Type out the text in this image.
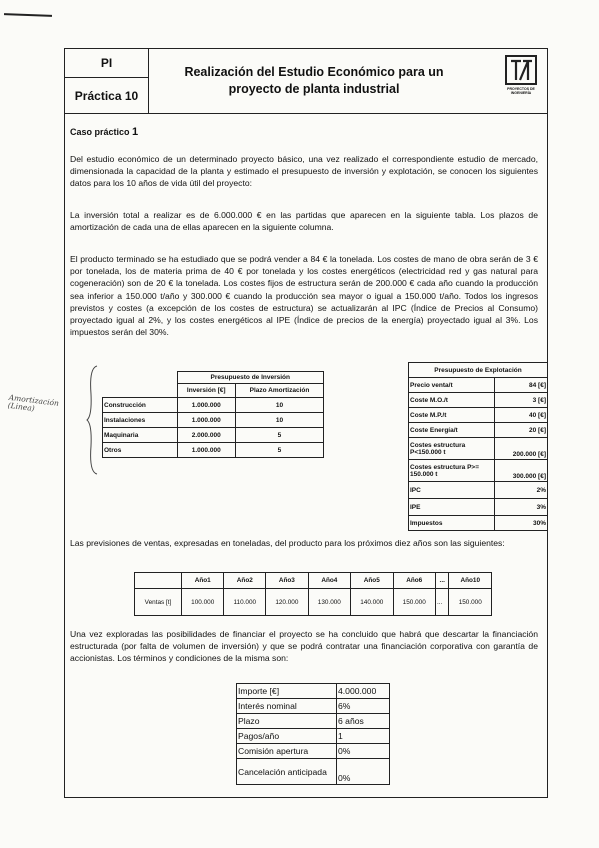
PI
Práctica 10
Realización del Estudio Económico para un proyecto de planta industrial	PROYECTOS DE INGENIERÍA
Caso práctico 1
Del estudio económico de un determinado proyecto básico, una vez realizado el correspondiente estudio de mercado, dimensionada la capacidad de la planta y estimado el presupuesto de inversión y explotación, se conocen los siguientes datos para los 10 años de vida útil del proyecto:
La inversión total a realizar es de 6.000.000 € en las partidas que aparecen en la siguiente tabla. Los plazos de amortización de cada una de ellas aparecen en la siguiente columna.
El producto terminado se ha estudiado que se podrá vender a 84 € la tonelada. Los costes de mano de obra serán de 3 € por tonelada, los de materia prima de 40 € por tonelada y los costes energéticos (electricidad red y gas natural para cogeneración) son de 20 € la tonelada. Los costes fijos de estructura serán de 200.000 € cada año cuando la producción sea inferior a 150.000 t/año y 300.000 € cuando la producción sea mayor o igual a 150.000 t/año. Todos los ingresos previstos y costes (a excepción de los costes de estructura) se actualizarán al IPC (Índice de Precios al Consumo) proyectado igual al 2%, y los costes energéticos al IPE (Índice de precios de la energía) proyectado igual al 3%. Los impuestos serán del 30%.
Amortización (Linea)
	Presupuesto de Inversión	
	Inversión [€]	Plazo Amortización
Construcción	1.000.000	10
Instalaciones	1.000.000	10
Maquinaria	2.000.000	5
Otros	1.000.000	5
Presupuesto de Explotación	
Precio venta/t	84 [€]
Coste M.O./t	3 [€]
Coste M.P./t	40 [€]
Coste Energía/t	20 [€]
Costes estructura P<150.000 t	200.000 [€]
Costes estructura P>= 150.000 t	300.000 [€]
IPC	2%
IPE	3%
Impuestos	30%
Las previsiones de ventas, expresadas en toneladas, del producto para los próximos diez años son las siguientes:
	Año1	Año2	Año3	Año4	Año5	Año6	...	Año10
Ventas [t]	100.000	110.000	120.000	130.000	140.000	150.000	...	150.000
Una vez exploradas las posibilidades de financiar el proyecto se ha concluido que habrá que descartar la financiación estructurada (por falta de volumen de inversión) y que se podrá contratar una financiación corporativa con garantía de accionistas. Los términos y condiciones de la misma son:
Importe [€]	4.000.000
Interés nominal	6%
Plazo	6 años
Pagos/año	1
Comisión apertura	0%
Cancelación anticipada	0%
